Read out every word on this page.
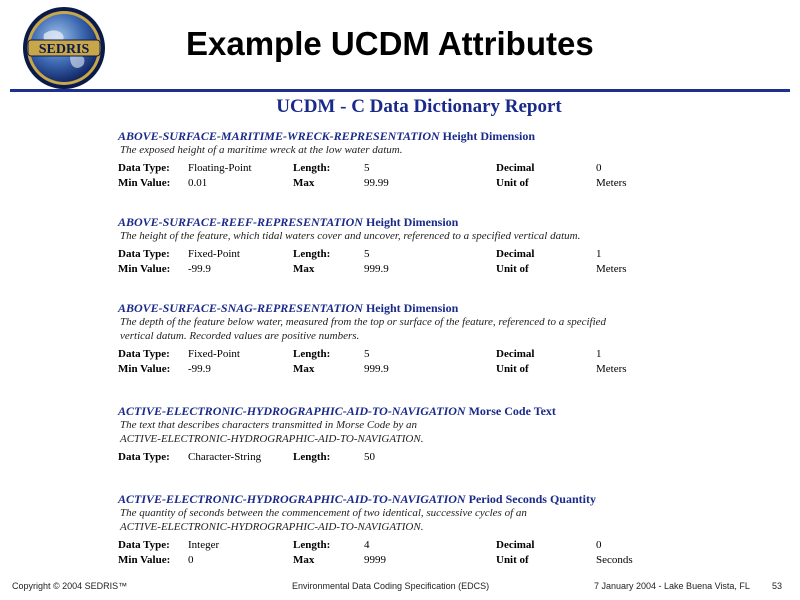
SEDRIS	Example UCDM Attributes
UCDM - C Data Dictionary Report
ABOVE-SURFACE-MARITIME-WRECK-REPRESENTATION Height Dimension
The exposed height of a maritime wreck at the low water datum.
Data Type: Floating-Point	Length:	5	Decimal	0
Min Value: 0.01	Max	99.99	Unit of	Meters
ABOVE-SURFACE-REEF-REPRESENTATION Height Dimension
The height of the feature, which tidal waters cover and uncover, referenced to a specified vertical datum.
Data Type: Fixed-Point	Length:	5	Decimal	1
Min Value: -99.9	Max	999.9	Unit of	Meters
ABOVE-SURFACE-SNAG-REPRESENTATION Height Dimension
The depth of the feature below water, measured from the top or surface of the feature, referenced to a specified
vertical datum. Recorded values are positive numbers.
Data Type: Fixed-Point	Length:	5	Decimal	1
Min Value: -99.9	Max	999.9	Unit of	Meters
ACTIVE-ELECTRONIC-HYDROGRAPHIC-AID-TO-NAVIGATION Morse Code Text
The text that describes characters transmitted in Morse Code by an
ACTIVE-ELECTRONIC-HYDROGRAPHIC-AID-TO-NAVIGATION.
Data Type: Character-String	Length:	50
ACTIVE-ELECTRONIC-HYDROGRAPHIC-AID-TO-NAVIGATION Period Seconds Quantity
The quantity of seconds between the commencement of two identical, successive cycles of an
ACTIVE-ELECTRONIC-HYDROGRAPHIC-AID-TO-NAVIGATION.
Data Type: Integer	Length:	4	Decimal	0
Min Value: 0	Max	9999	Unit of	Seconds
Copyright © 2004 SEDRIS™	Environmental Data Coding Specification (EDCS)	7 January 2004 - Lake Buena Vista, FL 53
